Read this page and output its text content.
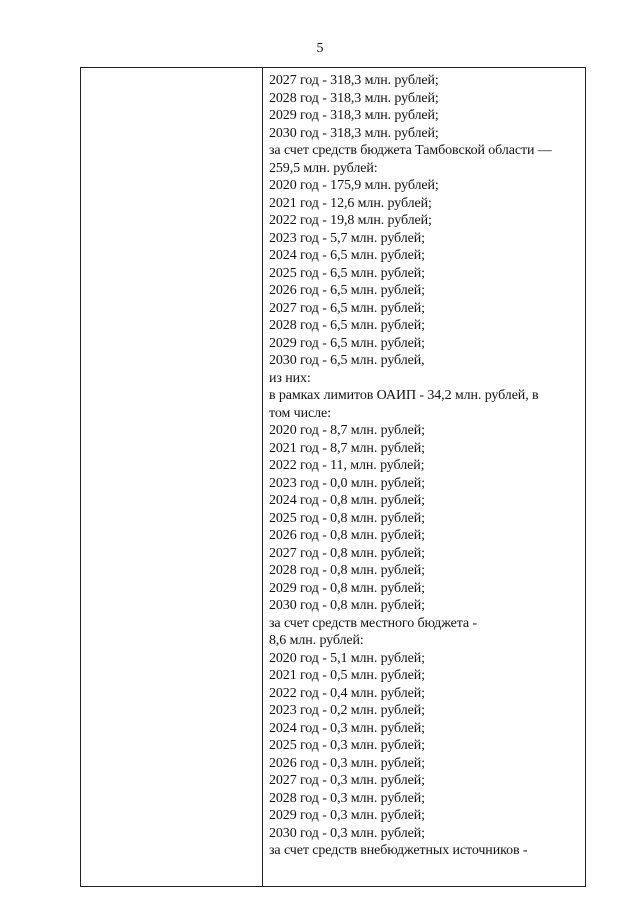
5
2027 год - 318,3 млн. рублей;
2028 год - 318,3 млн. рублей;
2029 год - 318,3 млн. рублей;
2030 год - 318,3 млн. рублей;
за счет средств бюджета Тамбовской области —
259,5 млн. рублей:
2020 год - 175,9 млн. рублей;
2021 год - 12,6 млн. рублей;
2022 год - 19,8 млн. рублей;
2023 год - 5,7 млн. рублей;
2024 год - 6,5 млн. рублей;
2025 год - 6,5 млн. рублей;
2026 год - 6,5 млн. рублей;
2027 год - 6,5 млн. рублей;
2028 год - 6,5 млн. рублей;
2029 год - 6,5 млн. рублей;
2030 год - 6,5 млн. рублей,
из них:
в рамках лимитов ОАИП - 34,2 млн. рублей, в
том числе:
2020 год - 8,7 млн. рублей;
2021 год - 8,7 млн. рублей;
2022 год - 11, млн. рублей;
2023 год - 0,0 млн. рублей;
2024 год - 0,8 млн. рублей;
2025 год - 0,8 млн. рублей;
2026 год - 0,8 млн. рублей;
2027 год - 0,8 млн. рублей;
2028 год - 0,8 млн. рублей;
2029 год - 0,8 млн. рублей;
2030 год - 0,8 млн. рублей;
за счет средств местного бюджета -
8,6 млн. рублей:
2020 год - 5,1 млн. рублей;
2021 год - 0,5 млн. рублей;
2022 год - 0,4 млн. рублей;
2023 год - 0,2 млн. рублей;
2024 год - 0,3 млн. рублей;
2025 год - 0,3 млн. рублей;
2026 год - 0,3 млн. рублей;
2027 год - 0,3 млн. рублей;
2028 год - 0,3 млн. рублей;
2029 год - 0,3 млн. рублей;
2030 год - 0,3 млн. рублей;
за счет средств внебюджетных источников -
